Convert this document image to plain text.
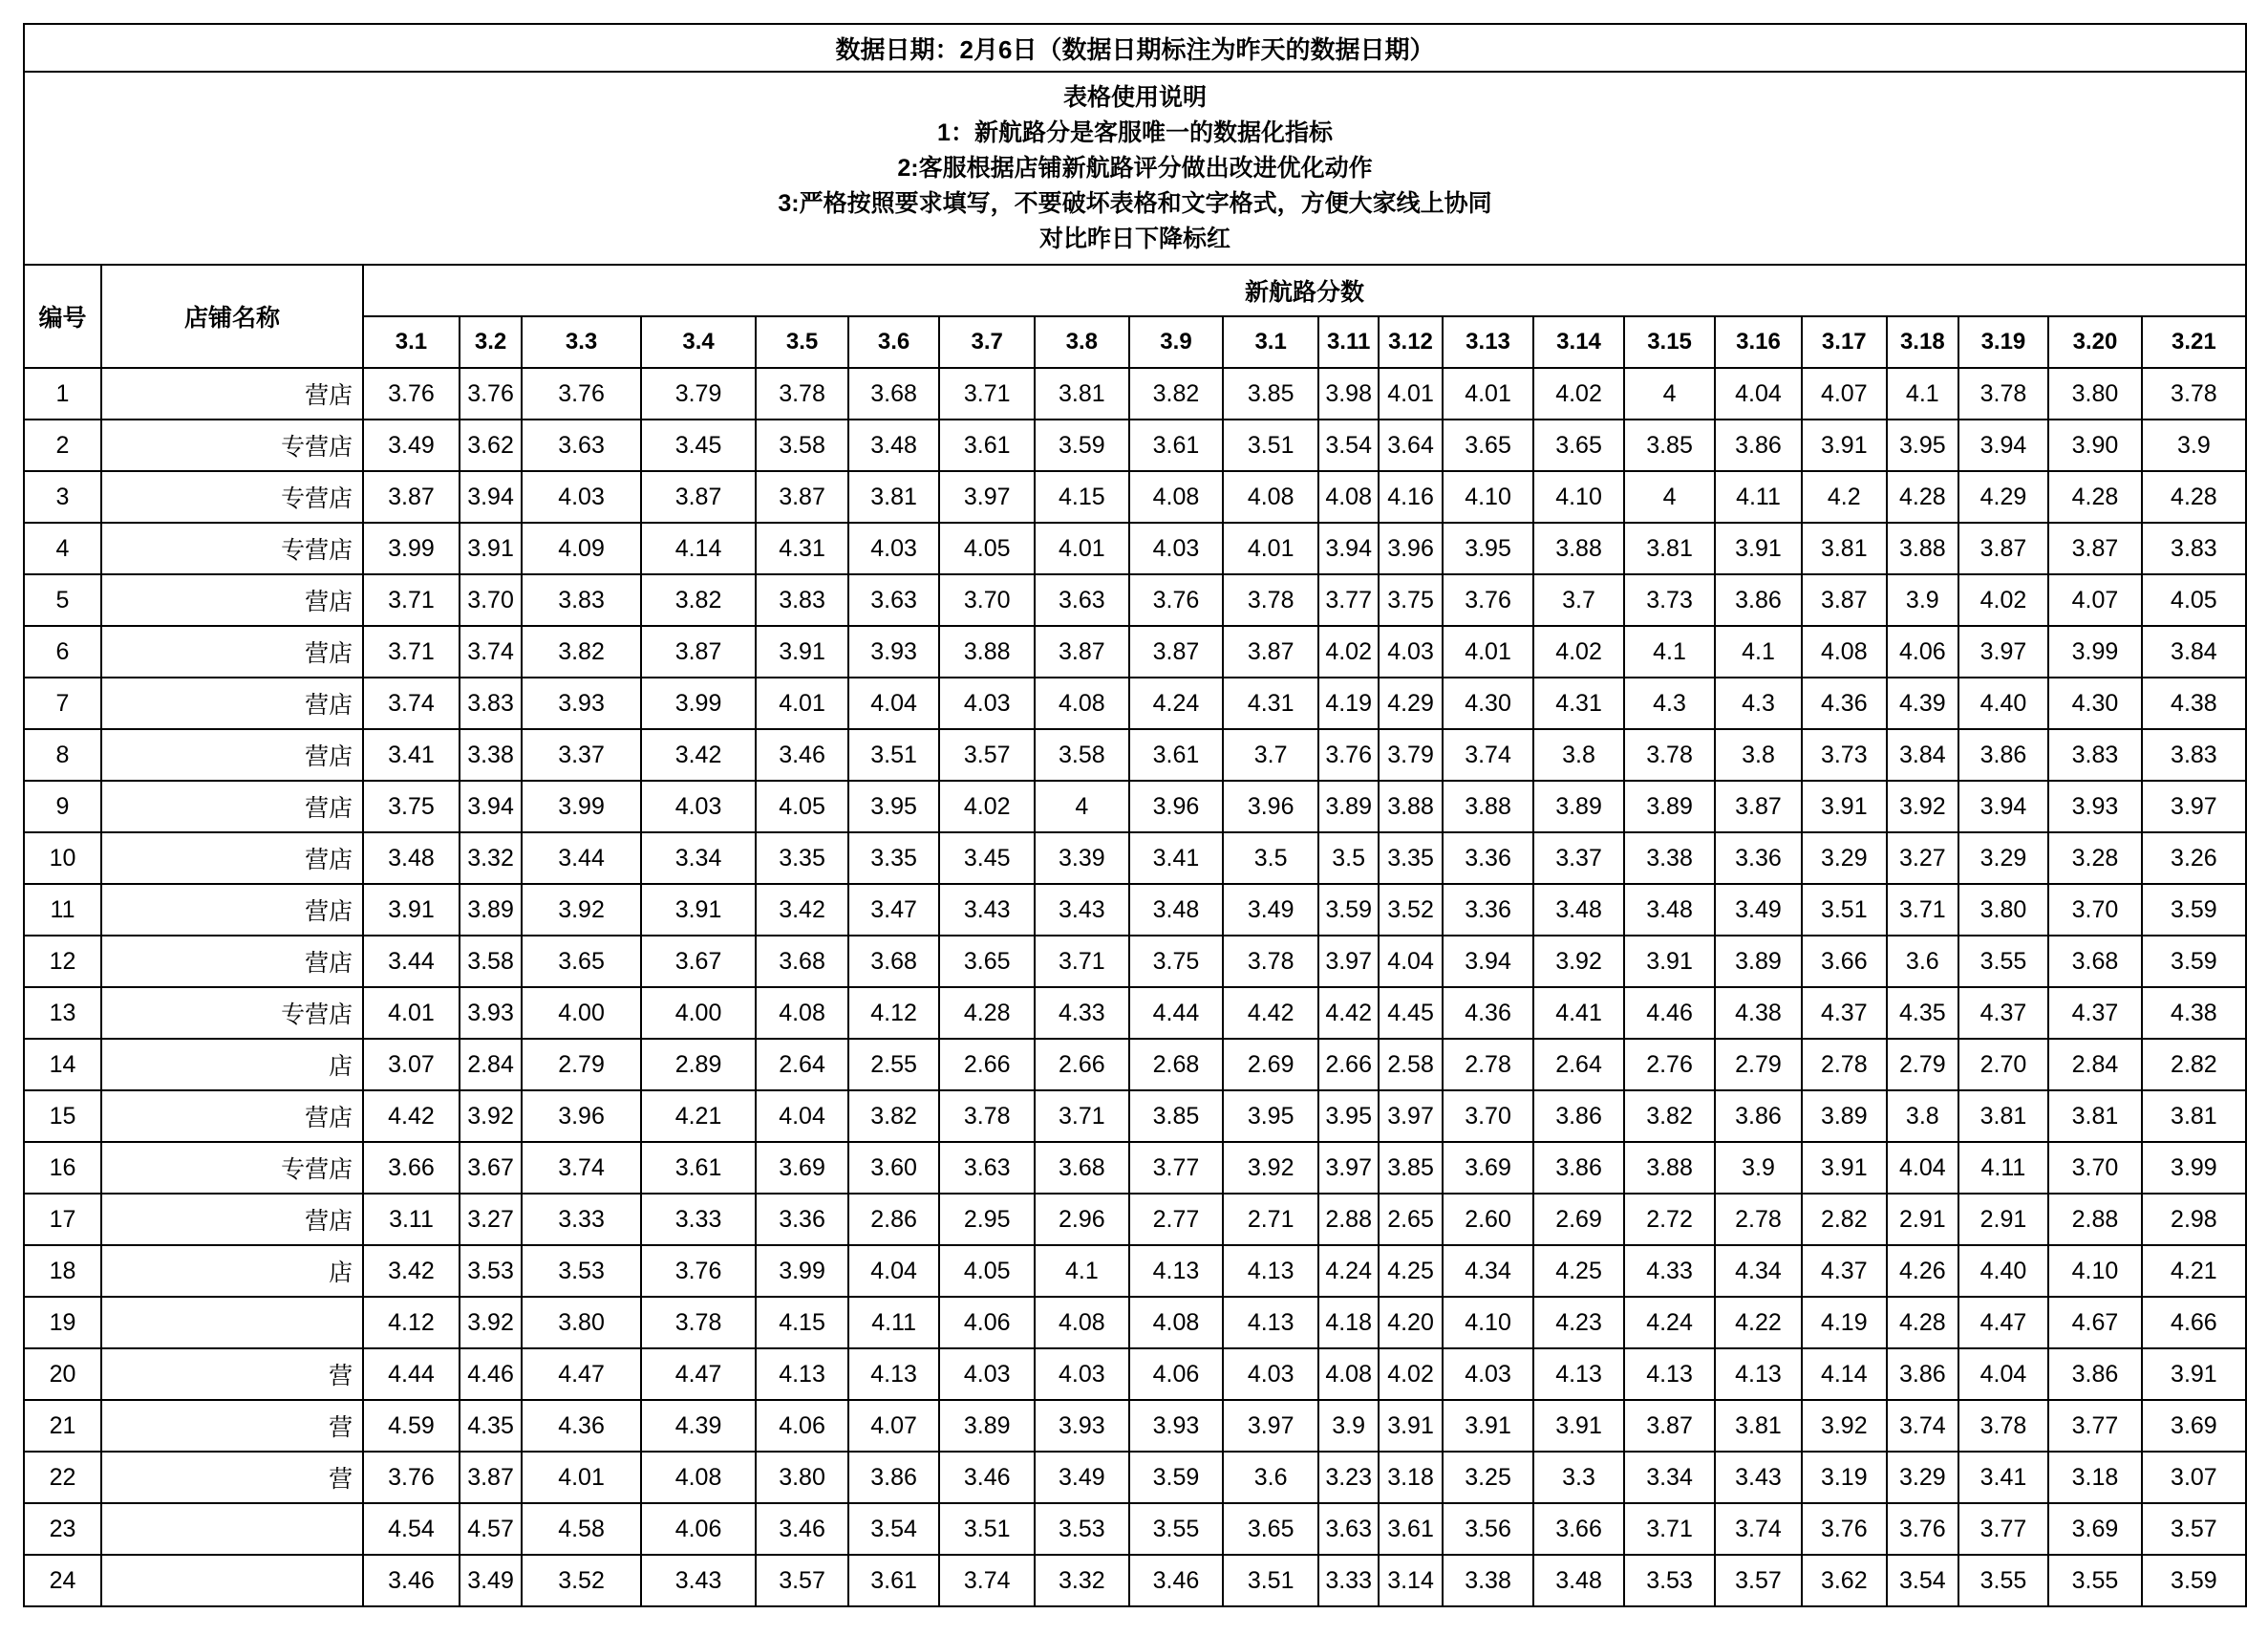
数据日期：2月6日（数据日期标注为昨天的数据日期）																						

表格使用说明
1：新航路分是客服唯一的数据化指标
2:客服根据店铺新航路评分做出改进优化动作
3:严格按照要求填写，不要破坏表格和文字格式，方便大家线上协同
对比昨日下降标红																						

编号	店铺名称	新航路分数																				
		3.1	3.2	3.3	3.4	3.5	3.6	3.7	3.8	3.9	3.1	3.11	3.12	3.13	3.14	3.15	3.16	3.17	3.18	3.19	3.20	3.21
1	营店	3.76	3.76	3.76	3.79	3.78	3.68	3.71	3.81	3.82	3.85	3.98	4.01	4.01	4.02	4	4.04	4.07	4.1	3.78	3.80	3.78
2	专营店	3.49	3.62	3.63	3.45	3.58	3.48	3.61	3.59	3.61	3.51	3.54	3.64	3.65	3.65	3.85	3.86	3.91	3.95	3.94	3.90	3.9
3	专营店	3.87	3.94	4.03	3.87	3.87	3.81	3.97	4.15	4.08	4.08	4.08	4.16	4.10	4.10	4	4.11	4.2	4.28	4.29	4.28	4.28
4	专营店	3.99	3.91	4.09	4.14	4.31	4.03	4.05	4.01	4.03	4.01	3.94	3.96	3.95	3.88	3.81	3.91	3.81	3.88	3.87	3.87	3.83
5	营店	3.71	3.70	3.83	3.82	3.83	3.63	3.70	3.63	3.76	3.78	3.77	3.75	3.76	3.7	3.73	3.86	3.87	3.9	4.02	4.07	4.05
6	营店	3.71	3.74	3.82	3.87	3.91	3.93	3.88	3.87	3.87	3.87	4.02	4.03	4.01	4.02	4.1	4.1	4.08	4.06	3.97	3.99	3.84
7	营店	3.74	3.83	3.93	3.99	4.01	4.04	4.03	4.08	4.24	4.31	4.19	4.29	4.30	4.31	4.3	4.3	4.36	4.39	4.40	4.30	4.38
8	营店	3.41	3.38	3.37	3.42	3.46	3.51	3.57	3.58	3.61	3.7	3.76	3.79	3.74	3.8	3.78	3.8	3.73	3.84	3.86	3.83	3.83
9	营店	3.75	3.94	3.99	4.03	4.05	3.95	4.02	4	3.96	3.96	3.89	3.88	3.88	3.89	3.89	3.87	3.91	3.92	3.94	3.93	3.97
10	营店	3.48	3.32	3.44	3.34	3.35	3.35	3.45	3.39	3.41	3.5	3.5	3.35	3.36	3.37	3.38	3.36	3.29	3.27	3.29	3.28	3.26
11	营店	3.91	3.89	3.92	3.91	3.42	3.47	3.43	3.43	3.48	3.49	3.59	3.52	3.36	3.48	3.48	3.49	3.51	3.71	3.80	3.70	3.59
12	营店	3.44	3.58	3.65	3.67	3.68	3.68	3.65	3.71	3.75	3.78	3.97	4.04	3.94	3.92	3.91	3.89	3.66	3.6	3.55	3.68	3.59
13	专营店	4.01	3.93	4.00	4.00	4.08	4.12	4.28	4.33	4.44	4.42	4.42	4.45	4.36	4.41	4.46	4.38	4.37	4.35	4.37	4.37	4.38
14	店	3.07	2.84	2.79	2.89	2.64	2.55	2.66	2.66	2.68	2.69	2.66	2.58	2.78	2.64	2.76	2.79	2.78	2.79	2.70	2.84	2.82
15	营店	4.42	3.92	3.96	4.21	4.04	3.82	3.78	3.71	3.85	3.95	3.95	3.97	3.70	3.86	3.82	3.86	3.89	3.8	3.81	3.81	3.81
16	专营店	3.66	3.67	3.74	3.61	3.69	3.60	3.63	3.68	3.77	3.92	3.97	3.85	3.69	3.86	3.88	3.9	3.91	4.04	4.11	3.70	3.99
17	营店	3.11	3.27	3.33	3.33	3.36	2.86	2.95	2.96	2.77	2.71	2.88	2.65	2.60	2.69	2.72	2.78	2.82	2.91	2.91	2.88	2.98
18	店	3.42	3.53	3.53	3.76	3.99	4.04	4.05	4.1	4.13	4.13	4.24	4.25	4.34	4.25	4.33	4.34	4.37	4.26	4.40	4.10	4.21
19		4.12	3.92	3.80	3.78	4.15	4.11	4.06	4.08	4.08	4.13	4.18	4.20	4.10	4.23	4.24	4.22	4.19	4.28	4.47	4.67	4.66
20	营	4.44	4.46	4.47	4.47	4.13	4.13	4.03	4.03	4.06	4.03	4.08	4.02	4.03	4.13	4.13	4.13	4.14	3.86	4.04	3.86	3.91
21	营	4.59	4.35	4.36	4.39	4.06	4.07	3.89	3.93	3.93	3.97	3.9	3.91	3.91	3.91	3.87	3.81	3.92	3.74	3.78	3.77	3.69
22	营	3.76	3.87	4.01	4.08	3.80	3.86	3.46	3.49	3.59	3.6	3.23	3.18	3.25	3.3	3.34	3.43	3.19	3.29	3.41	3.18	3.07
23		4.54	4.57	4.58	4.06	3.46	3.54	3.51	3.53	3.55	3.65	3.63	3.61	3.56	3.66	3.71	3.74	3.76	3.76	3.77	3.69	3.57
24		3.46	3.49	3.52	3.43	3.57	3.61	3.74	3.32	3.46	3.51	3.33	3.14	3.38	3.48	3.53	3.57	3.62	3.54	3.55	3.55	3.59
